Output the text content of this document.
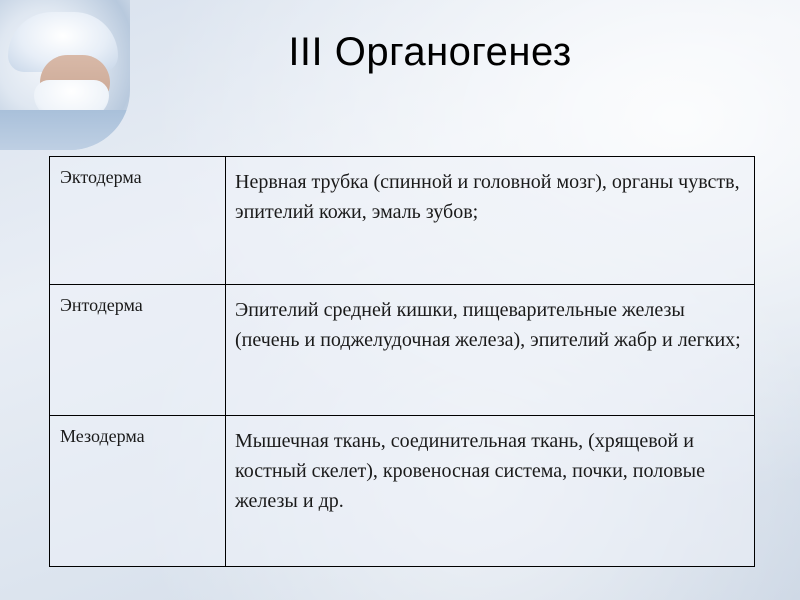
III Органогенез
Эктодерма	Нервная трубка (спинной и головной мозг), органы чувств, эпителий кожи, эмаль зубов;
Энтодерма	Эпителий средней кишки, пищеварительные железы (печень и поджелудочная железа), эпителий жабр и легких;
Мезодерма	Мышечная ткань, соединительная ткань, (хрящевой и костный скелет), кровеносная система, почки, половые железы и др.
